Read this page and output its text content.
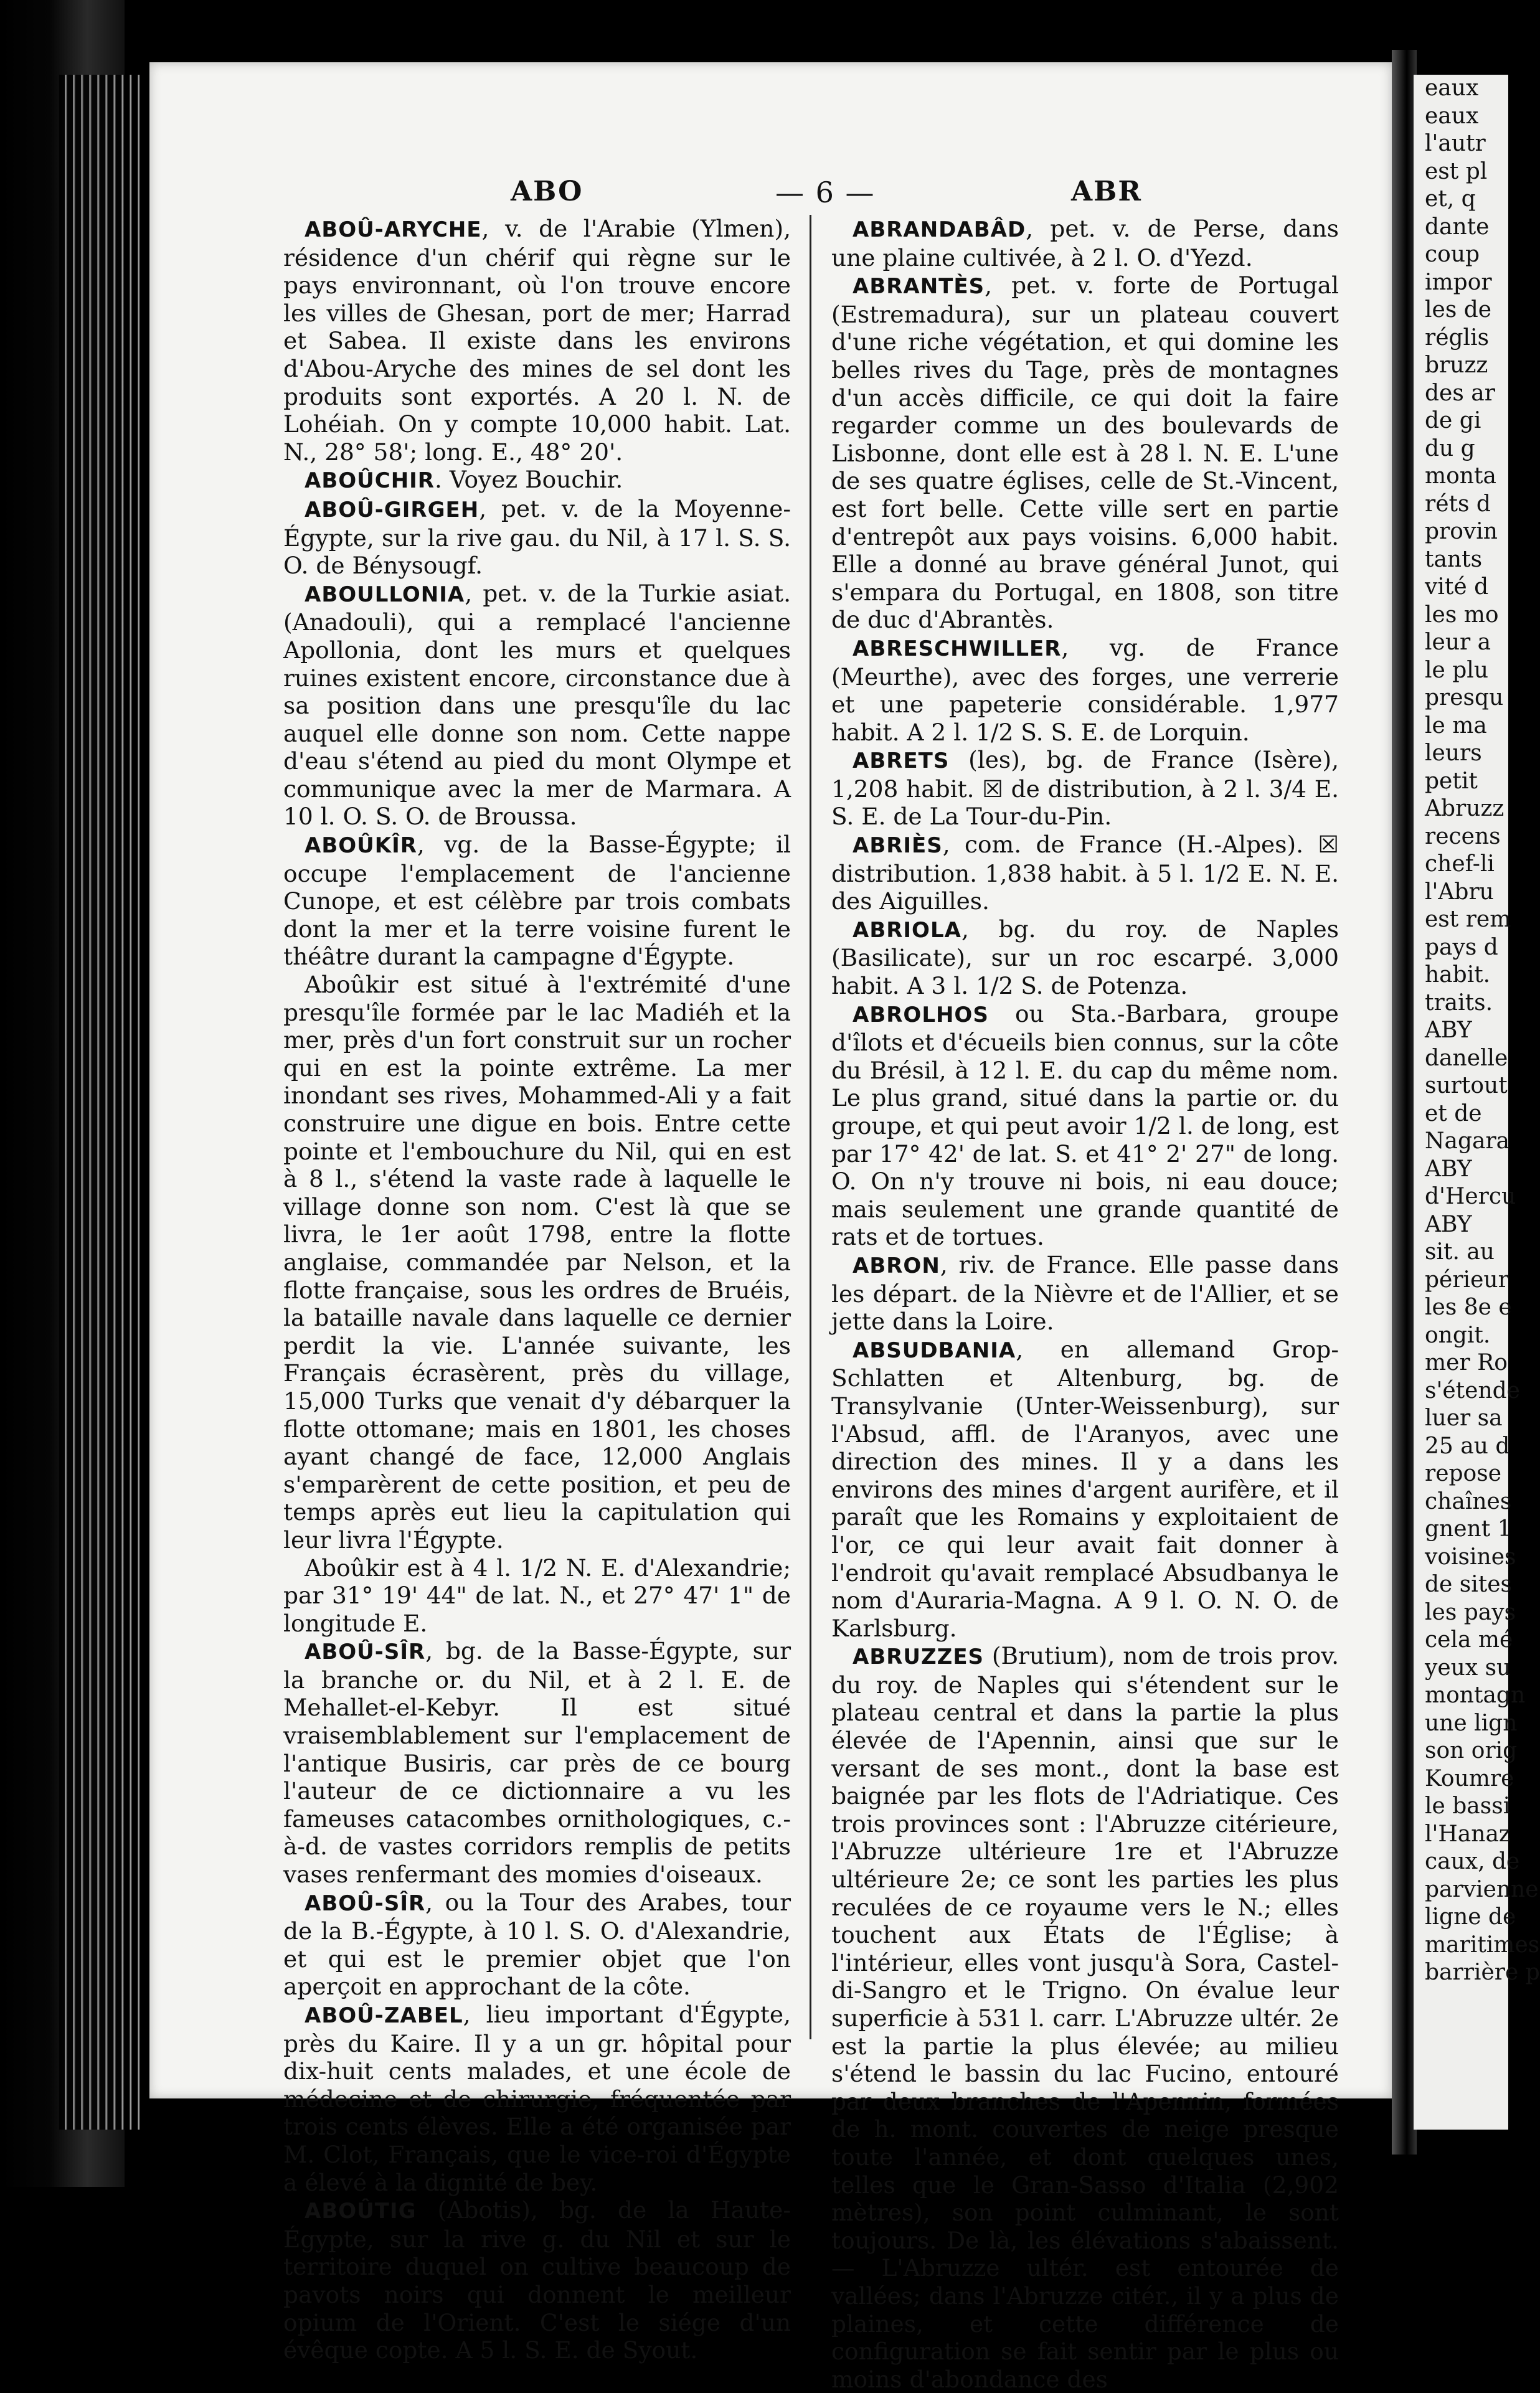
ABO	— 6 —	ABR

ABOÛ-ARYCHE, v. de l'Arabie (Ylmen), résidence d'un chérif qui règne sur le pays environnant, où l'on trouve encore les villes de Ghesan, port de mer; Harrad et Sabea. Il existe dans les environs d'Abou-Aryche des mines de sel dont les produits sont exportés. A 20 l. N. de Lohéiah. On y compte 10,000 habit. Lat. N., 28° 58'; long. E., 48° 20'.

ABOÛCHIR. Voyez Bouchir.

ABOÛ-GIRGEH, pet. v. de la Moyenne-Égypte, sur la rive gau. du Nil, à 17 l. S. S. O. de Bénysougf.

ABOULLONIA, pet. v. de la Turkie asiat. (Anadouli), qui a remplacé l'ancienne Apollonia, dont les murs et quelques ruines existent encore, circonstance due à sa position dans une presqu'île du lac auquel elle donne son nom. Cette nappe d'eau s'étend au pied du mont Olympe et communique avec la mer de Marmara. A 10 l. O. S. O. de Broussa.

ABOÛKÎR, vg. de la Basse-Égypte; il occupe l'emplacement de l'ancienne Cunope, et est célèbre par trois combats dont la mer et la terre voisine furent le théâtre durant la campagne d'Égypte.

Aboûkir est situé à l'extrémité d'une presqu'île formée par le lac Madiéh et la mer, près d'un fort construit sur un rocher qui en est la pointe extrême. La mer inondant ses rives, Mohammed-Ali y a fait construire une digue en bois. Entre cette pointe et l'embouchure du Nil, qui en est à 8 l., s'étend la vaste rade à laquelle le village donne son nom. C'est là que se livra, le 1er août 1798, entre la flotte anglaise, commandée par Nelson, et la flotte française, sous les ordres de Bruéis, la bataille navale dans laquelle ce dernier perdit la vie. L'année suivante, les Français écrasèrent, près du village, 15,000 Turks que venait d'y débarquer la flotte ottomane; mais en 1801, les choses ayant changé de face, 12,000 Anglais s'emparèrent de cette position, et peu de temps après eut lieu la capitulation qui leur livra l'Égypte.

Aboûkir est à 4 l. 1/2 N. E. d'Alexandrie; par 31° 19' 44" de lat. N., et 27° 47' 1" de longitude E.

ABOÛ-SÎR, bg. de la Basse-Égypte, sur la branche or. du Nil, et à 2 l. E. de Mehallet-el-Kebyr. Il est situé vraisemblablement sur l'emplacement de l'antique Busiris, car près de ce bourg l'auteur de ce dictionnaire a vu les fameuses catacombes ornithologiques, c.-à-d. de vastes corridors remplis de petits vases renfermant des momies d'oiseaux.

ABOÛ-SÎR, ou la Tour des Arabes, tour de la B.-Égypte, à 10 l. S. O. d'Alexandrie, et qui est le premier objet que l'on aperçoit en approchant de la côte.

ABOÛ-ZABEL, lieu important d'Égypte, près du Kaire. Il y a un gr. hôpital pour dix-huit cents malades, et une école de médecine et de chirurgie, fréquentée par trois cents élèves. Elle a été organisée par M. Clot, Français, que le vice-roi d'Égypte a élevé à la dignité de bey.

ABOÛTIG (Abotis), bg. de la Haute-Égypte, sur la rive g. du Nil et sur le territoire duquel on cultive beaucoup de pavots noirs qui donnent le meilleur opium de l'Orient. C'est le siége d'un évêque copte. A 5 l. S. E. de Syout.

ABRANDABÂD, pet. v. de Perse, dans une plaine cultivée, à 2 l. O. d'Yezd.

ABRANTÈS, pet. v. forte de Portugal (Estremadura), sur un plateau couvert d'une riche végétation, et qui domine les belles rives du Tage, près de montagnes d'un accès difficile, ce qui doit la faire regarder comme un des boulevards de Lisbonne, dont elle est à 28 l. N. E. L'une de ses quatre églises, celle de St.-Vincent, est fort belle. Cette ville sert en partie d'entrepôt aux pays voisins. 6,000 habit. Elle a donné au brave général Junot, qui s'empara du Portugal, en 1808, son titre de duc d'Abrantès.

ABRESCHWILLER, vg. de France (Meurthe), avec des forges, une verrerie et une papeterie considérable. 1,977 habit. A 2 l. 1/2 S. S. E. de Lorquin.

ABRETS (les), bg. de France (Isère), 1,208 habit. ☒ de distribution, à 2 l. 3/4 E. S. E. de La Tour-du-Pin.

ABRIÈS, com. de France (H.-Alpes). ☒ distribution. 1,838 habit. à 5 l. 1/2 E. N. E. des Aiguilles.

ABRIOLA, bg. du roy. de Naples (Basilicate), sur un roc escarpé. 3,000 habit. A 3 l. 1/2 S. de Potenza.

ABROLHOS ou Sta.-Barbara, groupe d'îlots et d'écueils bien connus, sur la côte du Brésil, à 12 l. E. du cap du même nom. Le plus grand, situé dans la partie or. du groupe, et qui peut avoir 1/2 l. de long, est par 17° 42' de lat. S. et 41° 2' 27" de long. O. On n'y trouve ni bois, ni eau douce; mais seulement une grande quantité de rats et de tortues.

ABRON, riv. de France. Elle passe dans les départ. de la Nièvre et de l'Allier, et se jette dans la Loire.

ABSUDBANIA, en allemand Grop-Schlatten et Altenburg, bg. de Transylvanie (Unter-Weissenburg), sur l'Absud, affl. de l'Aranyos, avec une direction des mines. Il y a dans les environs des mines d'argent aurifère, et il paraît que les Romains y exploitaient de l'or, ce qui leur avait fait donner à l'endroit qu'avait remplacé Absudbanya le nom d'Auraria-Magna. A 9 l. O. N. O. de Karlsburg.

ABRUZZES (Brutium), nom de trois prov. du roy. de Naples qui s'étendent sur le plateau central et dans la partie la plus élevée de l'Apennin, ainsi que sur le versant de ses mont., dont la base est baignée par les flots de l'Adriatique. Ces trois provinces sont : l'Abruzze citérieure, l'Abruzze ultérieure 1re et l'Abruzze ultérieure 2e; ce sont les parties les plus reculées de ce royaume vers le N.; elles touchent aux États de l'Église; à l'intérieur, elles vont jusqu'à Sora, Castel-di-Sangro et le Trigno. On évalue leur superficie à 531 l. carr. L'Abruzze ultér. 2e est la partie la plus élevée; au milieu s'étend le bassin du lac Fucino, entouré par deux branches de l'Apennin, formées de h. mont. couvertes de neige presque toute l'année, et dont quelques unes, telles que le Gran-Sasso d'Italia (2,902 mètres), son point culminant, le sont toujours. De là, les élévations s'abaissent. — L'Abruzze ultér. est entourée de vallées; dans l'Abruzze citér., il y a plus de plaines, et cette différence de configuration se fait sentir par le plus ou moins d'abondance des

eaux
eaux
l'autr
est pl
et, q
dante
coup
impor
les de
réglis
bruzz
des ar
de gi
du g
monta
réts d
provin
tants
vité d
les mo
leur a
le plu
presqu
le ma
leurs
petit
Abruzz
recens
chef-li
l'Abru
est rem
pays d
habit.
traits.
ABY
danelle
surtout
et de
Nagara
ABY
d'Hercu
ABY
sit. au
périeur
les 8e e
ongit.
mer Ro
s'étende
luer sa
25 au d
repose
chaînes
gnent 1
voisines
de sites
les pays
cela mé
yeux su
montagn
une lign
son orig
Koumre
le bassi
l'Hanaz
caux, de
parvienne
ligne de
maritimes
barrière p
